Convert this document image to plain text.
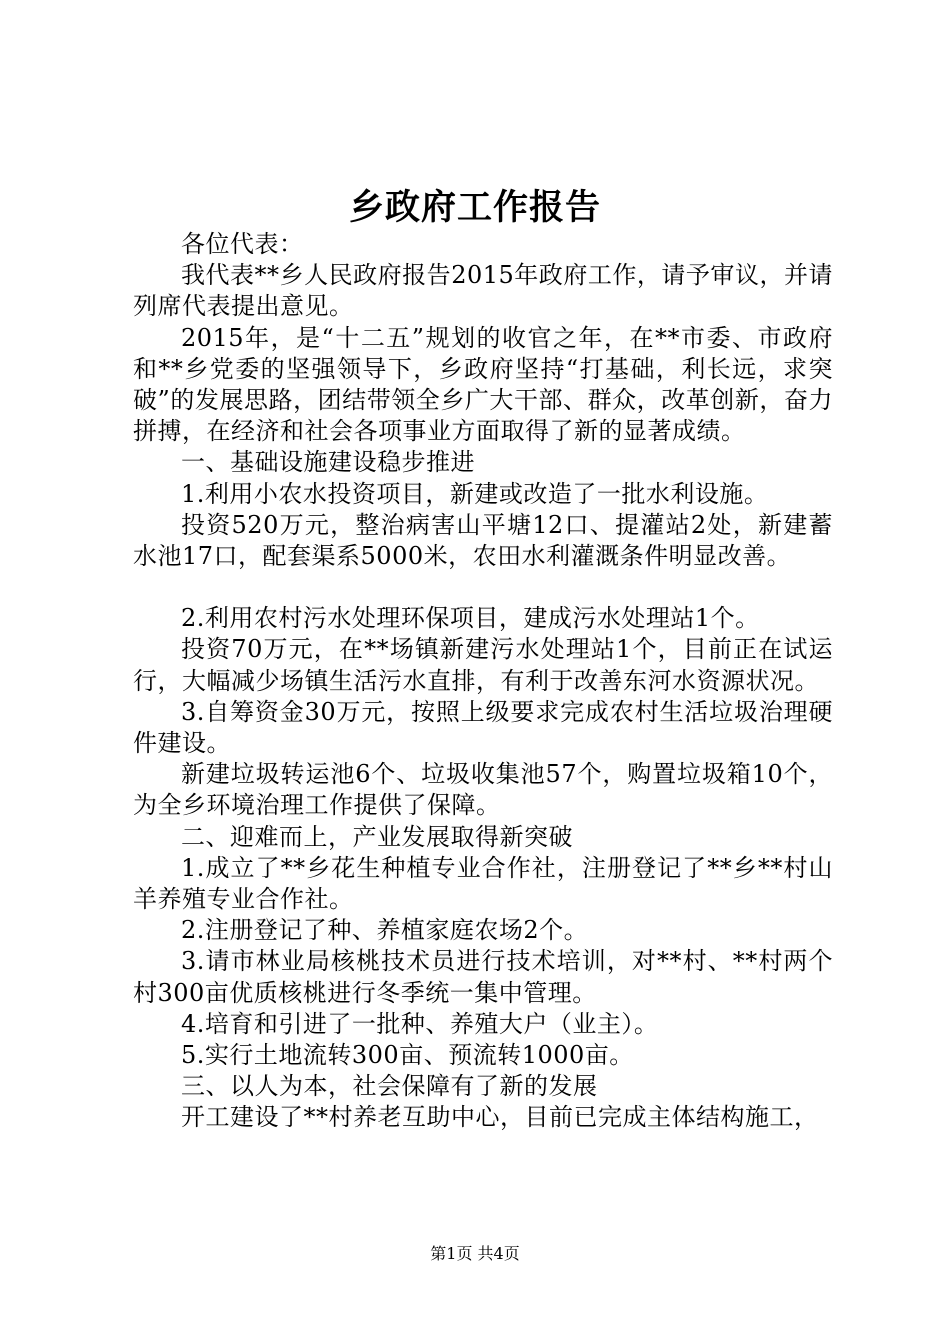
乡政府工作报告

各位代表：

我代表**乡人民政府报告2015年政府工作，请予审议，并请列席代表提出意见。

2015年，是“十二五”规划的收官之年，在**市委、市政府和**乡党委的坚强领导下，乡政府坚持“打基础，利长远，求突破”的发展思路，团结带领全乡广大干部、群众，改革创新，奋力拼搏，在经济和社会各项事业方面取得了新的显著成绩。

一、基础设施建设稳步推进

1.利用小农水投资项目，新建或改造了一批水利设施。

投资520万元，整治病害山平塘12口、提灌站2处，新建蓄水池17口，配套渠系5000米，农田水利灌溉条件明显改善。

2.利用农村污水处理环保项目，建成污水处理站1个。

投资70万元，在**场镇新建污水处理站1个，目前正在试运行，大幅减少场镇生活污水直排，有利于改善东河水资源状况。

3.自筹资金30万元，按照上级要求完成农村生活垃圾治理硬件建设。

新建垃圾转运池6个、垃圾收集池57个，购置垃圾箱10个，为全乡环境治理工作提供了保障。

二、迎难而上，产业发展取得新突破

1.成立了**乡花生种植专业合作社，注册登记了**乡**村山羊养殖专业合作社。

2.注册登记了种、养植家庭农场2个。

3.请市林业局核桃技术员进行技术培训，对**村、**村两个村300亩优质核桃进行冬季统一集中管理。

4.培育和引进了一批种、养殖大户（业主）。

5.实行土地流转300亩、预流转1000亩。

三、以人为本，社会保障有了新的发展

开工建设了**村养老互助中心，目前已完成主体结构施工，

第1页 共4页
